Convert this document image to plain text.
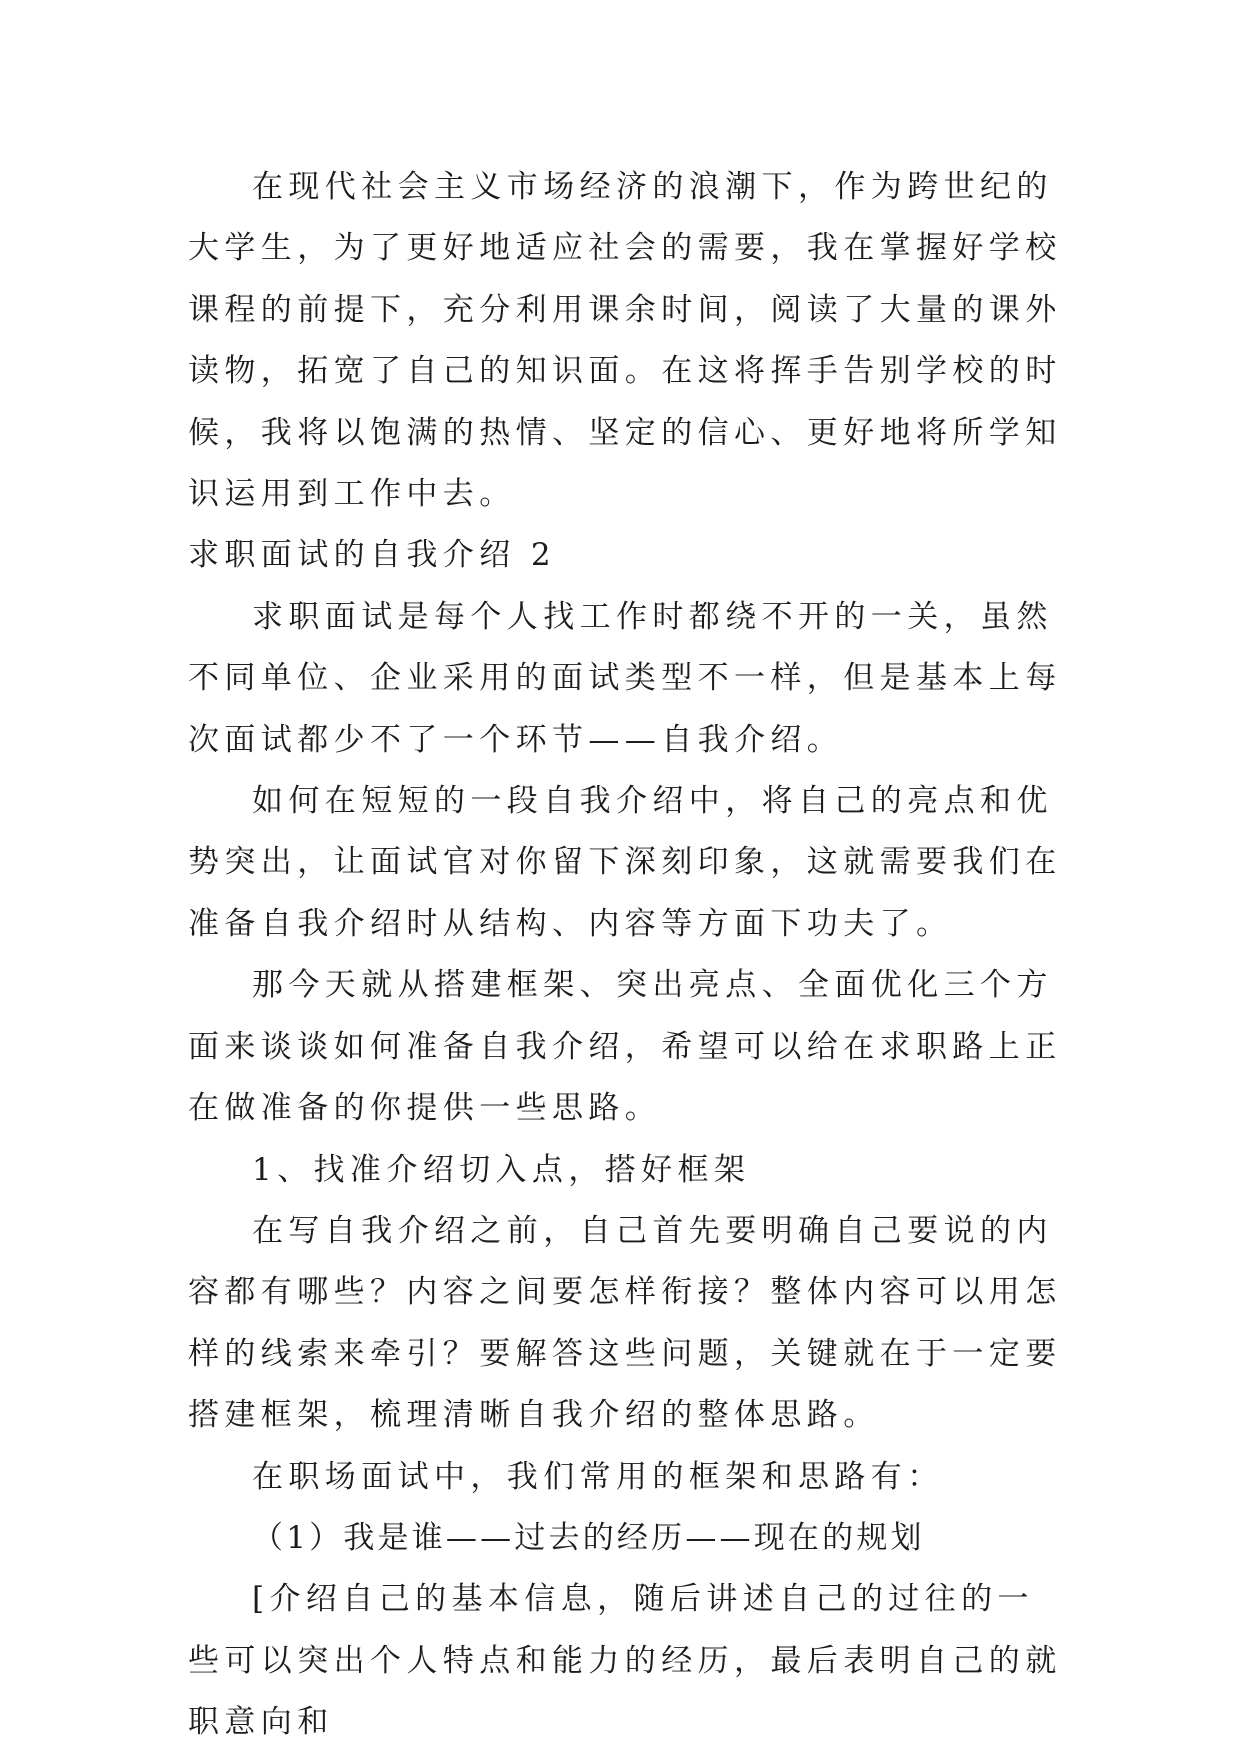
在现代社会主义市场经济的浪潮下，作为跨世纪的大学生，为了更好地适应社会的需要，我在掌握好学校课程的前提下，充分利用课余时间，阅读了大量的课外读物，拓宽了自己的知识面。在这将挥手告别学校的时候，我将以饱满的热情、坚定的信心、更好地将所学知识运用到工作中去。

求职面试的自我介绍 2

求职面试是每个人找工作时都绕不开的一关，虽然不同单位、企业采用的面试类型不一样，但是基本上每次面试都少不了一个环节——自我介绍。

如何在短短的一段自我介绍中，将自己的亮点和优势突出，让面试官对你留下深刻印象，这就需要我们在准备自我介绍时从结构、内容等方面下功夫了。

那今天就从搭建框架、突出亮点、全面优化三个方面来谈谈如何准备自我介绍，希望可以给在求职路上正在做准备的你提供一些思路。

1、找准介绍切入点，搭好框架

在写自我介绍之前，自己首先要明确自己要说的内容都有哪些？内容之间要怎样衔接？整体内容可以用怎样的线索来牵引？要解答这些问题，关键就在于一定要搭建框架，梳理清晰自我介绍的整体思路。

在职场面试中，我们常用的框架和思路有：

（1）我是谁——过去的经历——现在的规划

[介绍自己的基本信息，随后讲述自己的过往的一些可以突出个人特点和能力的经历，最后表明自己的就职意向和
